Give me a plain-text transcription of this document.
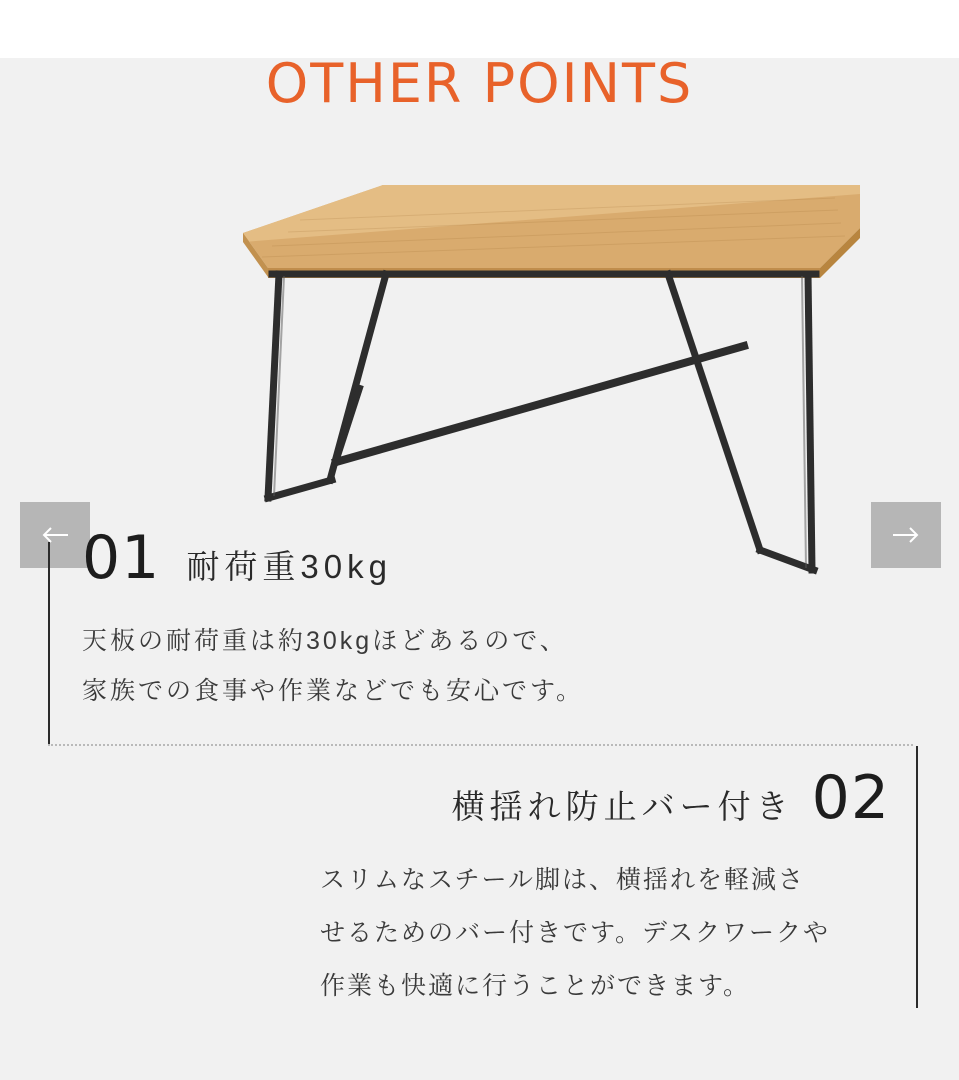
OTHER POINTS
01 耐荷重30kg
天板の耐荷重は約30kgほどあるので、
家族での食事や作業などでも安心です。
横揺れ防止バー付き 02
スリムなスチール脚は、横揺れを軽減さ
せるためのバー付きです。デスクワークや
作業も快適に行うことができます。
